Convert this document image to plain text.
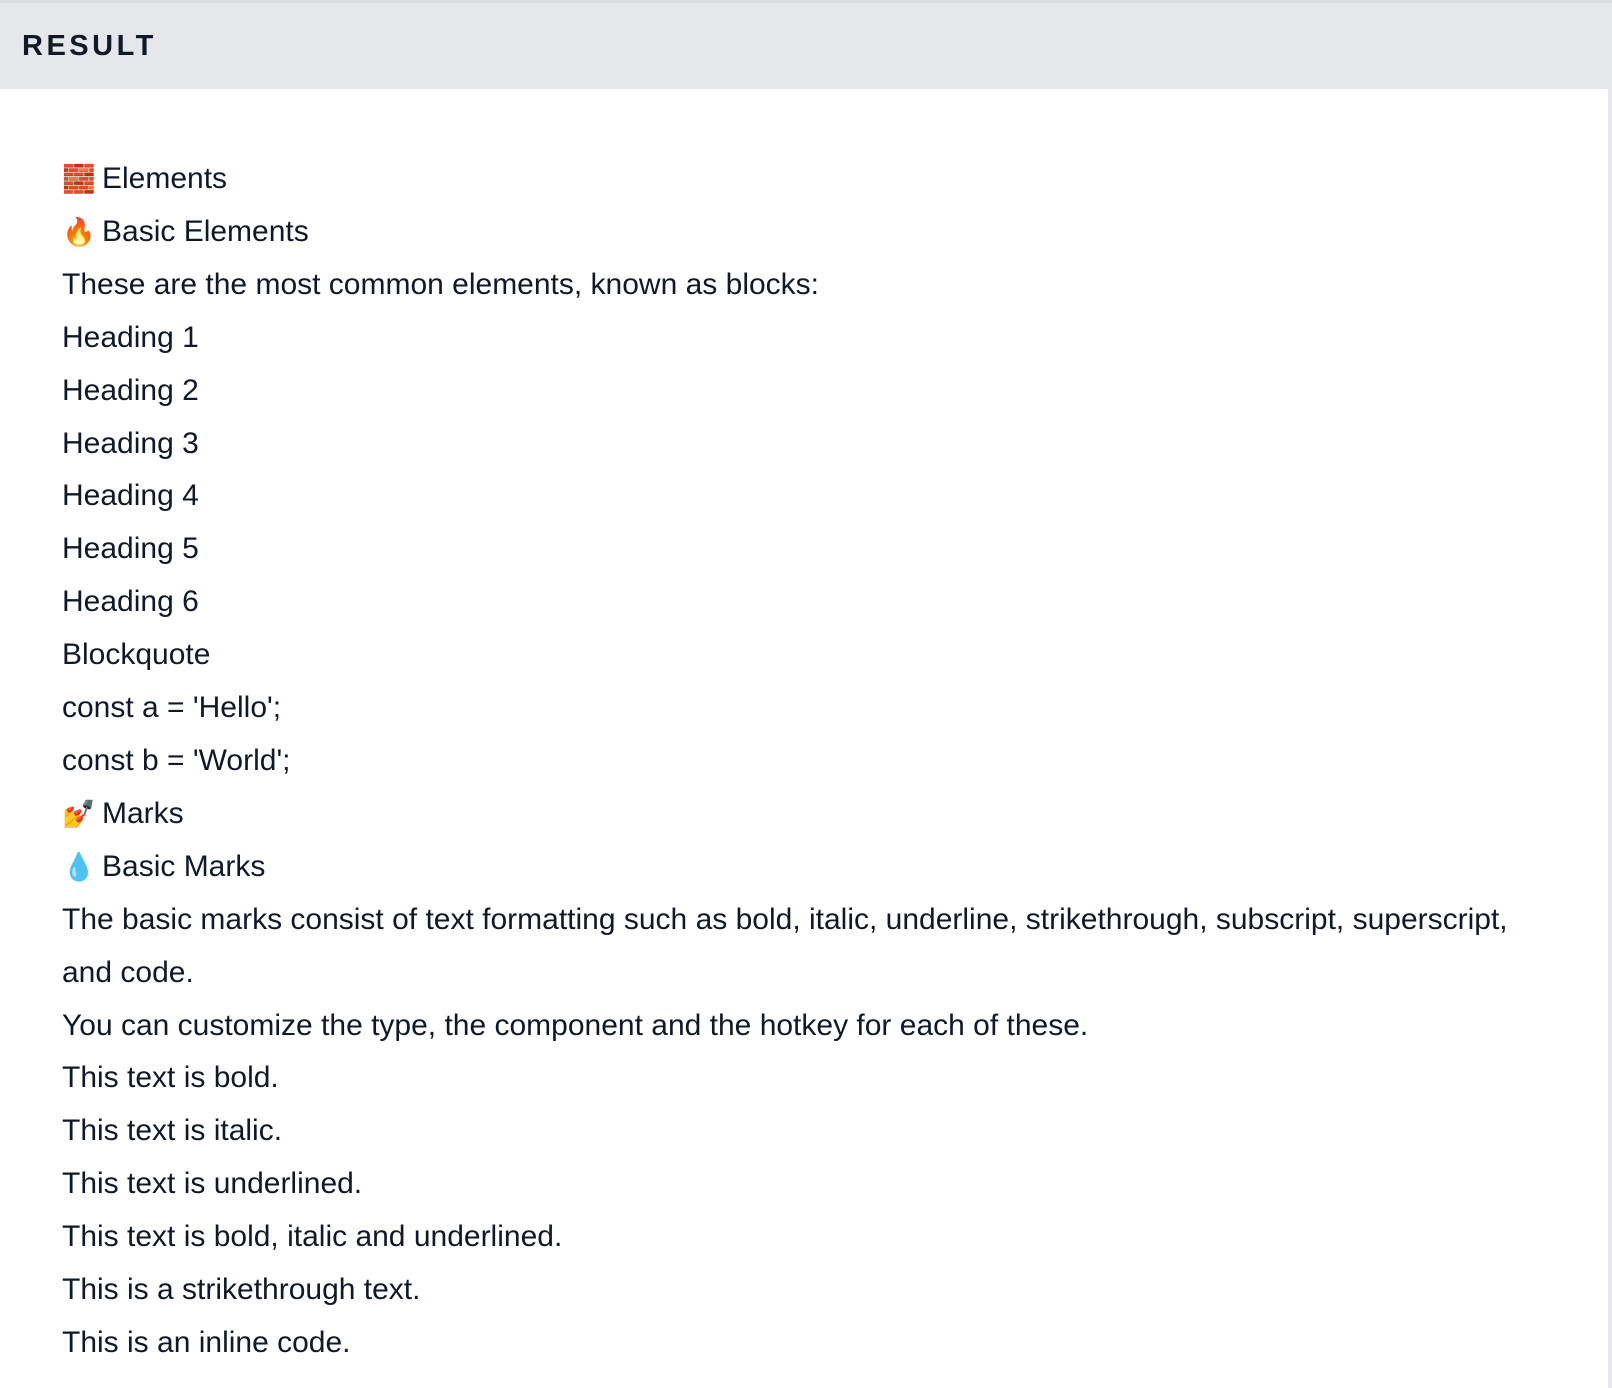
RESULT

🧱 Elements

🔥 Basic Elements

These are the most common elements, known as blocks:

Heading 1

Heading 2

Heading 3

Heading 4

Heading 5

Heading 6

Blockquote

const a = 'Hello';

const b = 'World';

💅 Marks

💧 Basic Marks

The basic marks consist of text formatting such as bold, italic, underline, strikethrough, subscript, superscript, and code.

You can customize the type, the component and the hotkey for each of these.

This text is bold.

This text is italic.

This text is underlined.

This text is bold, italic and underlined.

This is a strikethrough text.

This is an inline code.
